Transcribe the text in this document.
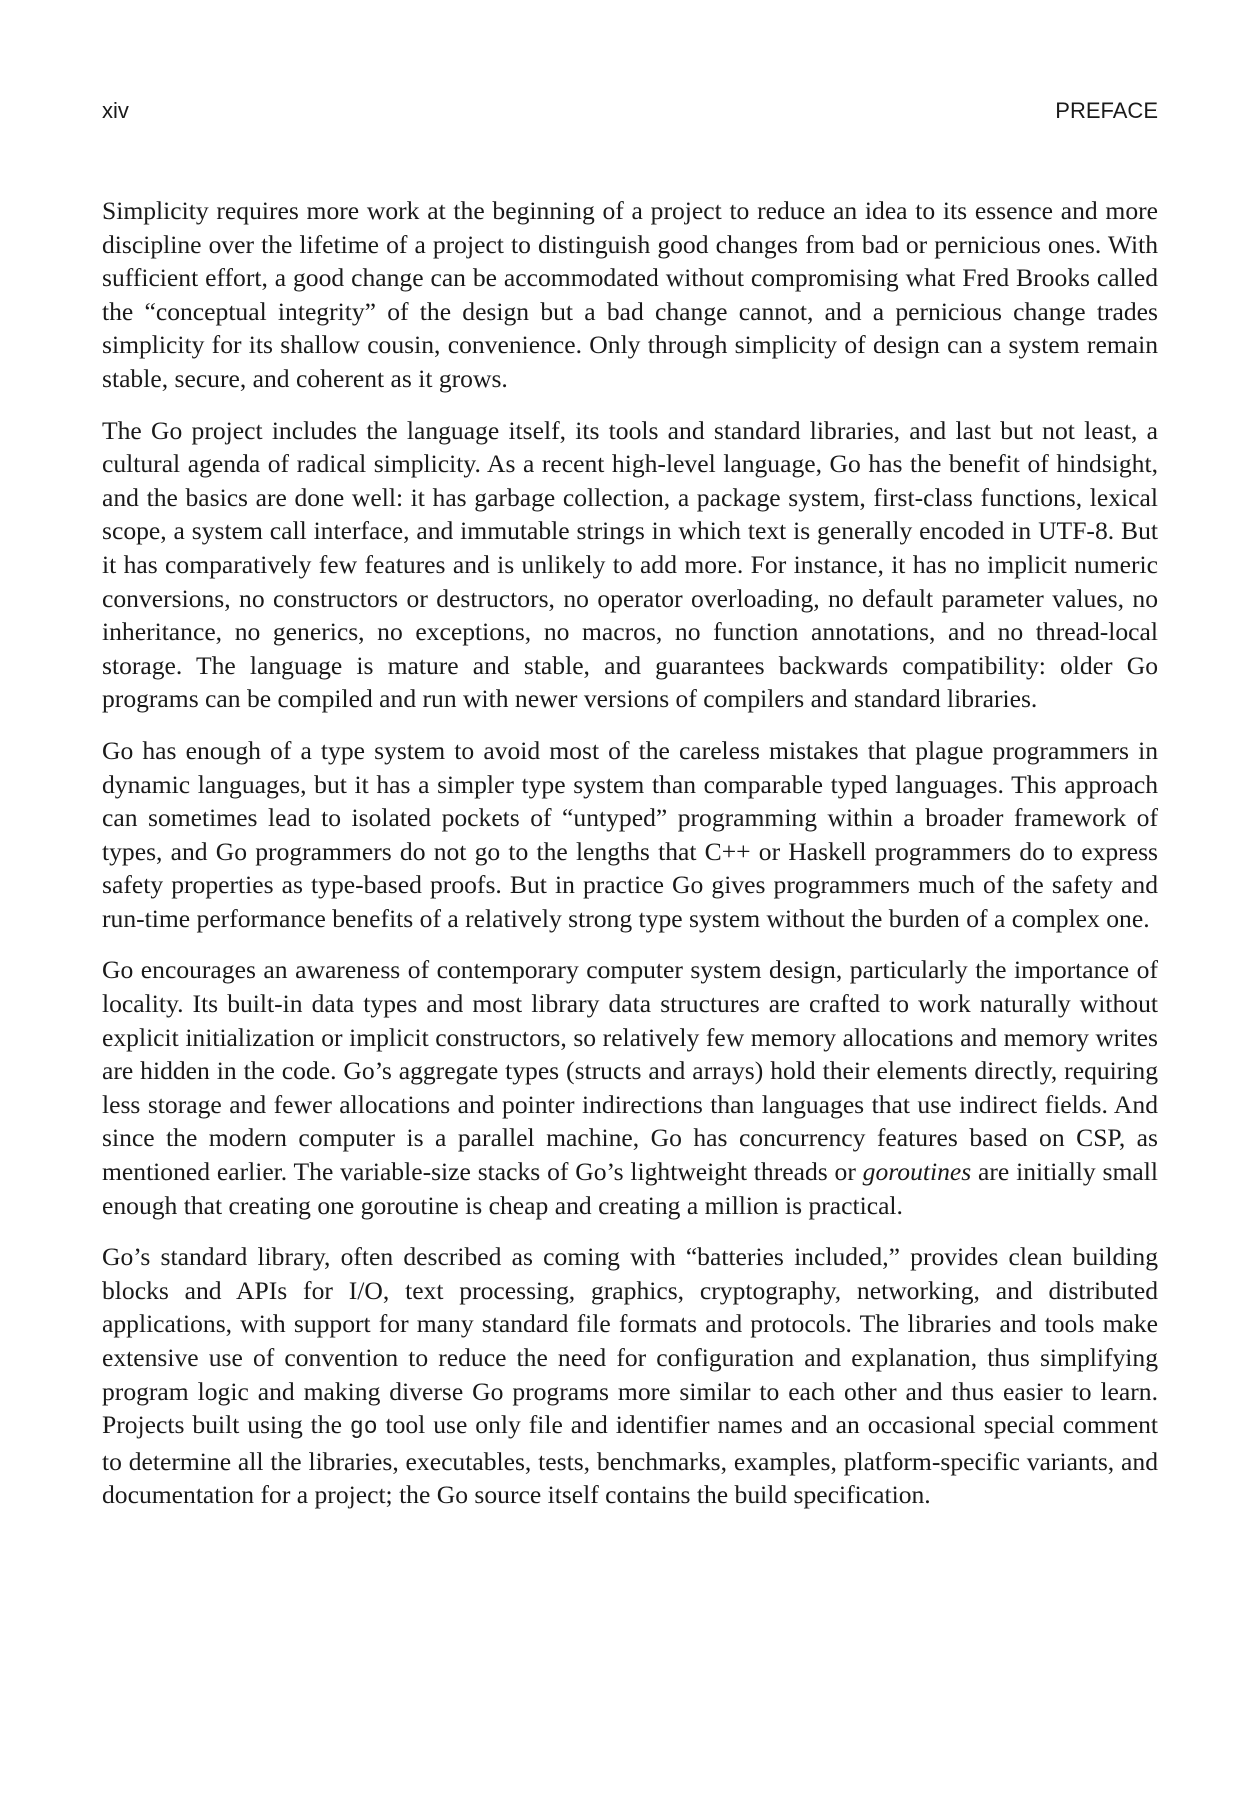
xiv	PREFACE

Simplicity requires more work at the beginning of a project to reduce an idea to its essence and more discipline over the lifetime of a project to distinguish good changes from bad or pernicious ones. With sufficient effort, a good change can be accommodated without compromising what Fred Brooks called the “conceptual integrity” of the design but a bad change cannot, and a pernicious change trades simplicity for its shallow cousin, convenience. Only through simplicity of design can a system remain stable, secure, and coherent as it grows.

The Go project includes the language itself, its tools and standard libraries, and last but not least, a cultural agenda of radical simplicity. As a recent high-level language, Go has the benefit of hindsight, and the basics are done well: it has garbage collection, a package system, first-class functions, lexical scope, a system call interface, and immutable strings in which text is generally encoded in UTF-8. But it has comparatively few features and is unlikely to add more. For instance, it has no implicit numeric conversions, no constructors or destructors, no operator overloading, no default parameter values, no inheritance, no generics, no exceptions, no macros, no function annotations, and no thread-local storage. The language is mature and stable, and guarantees backwards compatibility: older Go programs can be compiled and run with newer versions of compilers and standard libraries.

Go has enough of a type system to avoid most of the careless mistakes that plague programmers in dynamic languages, but it has a simpler type system than comparable typed languages. This approach can sometimes lead to isolated pockets of “untyped” programming within a broader framework of types, and Go programmers do not go to the lengths that C++ or Haskell programmers do to express safety properties as type-based proofs. But in practice Go gives programmers much of the safety and run-time performance benefits of a relatively strong type system without the burden of a complex one.

Go encourages an awareness of contemporary computer system design, particularly the importance of locality. Its built-in data types and most library data structures are crafted to work naturally without explicit initialization or implicit constructors, so relatively few memory allocations and memory writes are hidden in the code. Go’s aggregate types (structs and arrays) hold their elements directly, requiring less storage and fewer allocations and pointer indirections than languages that use indirect fields. And since the modern computer is a parallel machine, Go has concurrency features based on CSP, as mentioned earlier. The variable-size stacks of Go’s lightweight threads or goroutines are initially small enough that creating one goroutine is cheap and creating a million is practical.

Go’s standard library, often described as coming with “batteries included,” provides clean building blocks and APIs for I/O, text processing, graphics, cryptography, networking, and distributed applications, with support for many standard file formats and protocols. The libraries and tools make extensive use of convention to reduce the need for configuration and explanation, thus simplifying program logic and making diverse Go programs more similar to each other and thus easier to learn. Projects built using the go tool use only file and identifier names and an occasional special comment to determine all the libraries, executables, tests, benchmarks, examples, platform-specific variants, and documentation for a project; the Go source itself contains the build specification.
